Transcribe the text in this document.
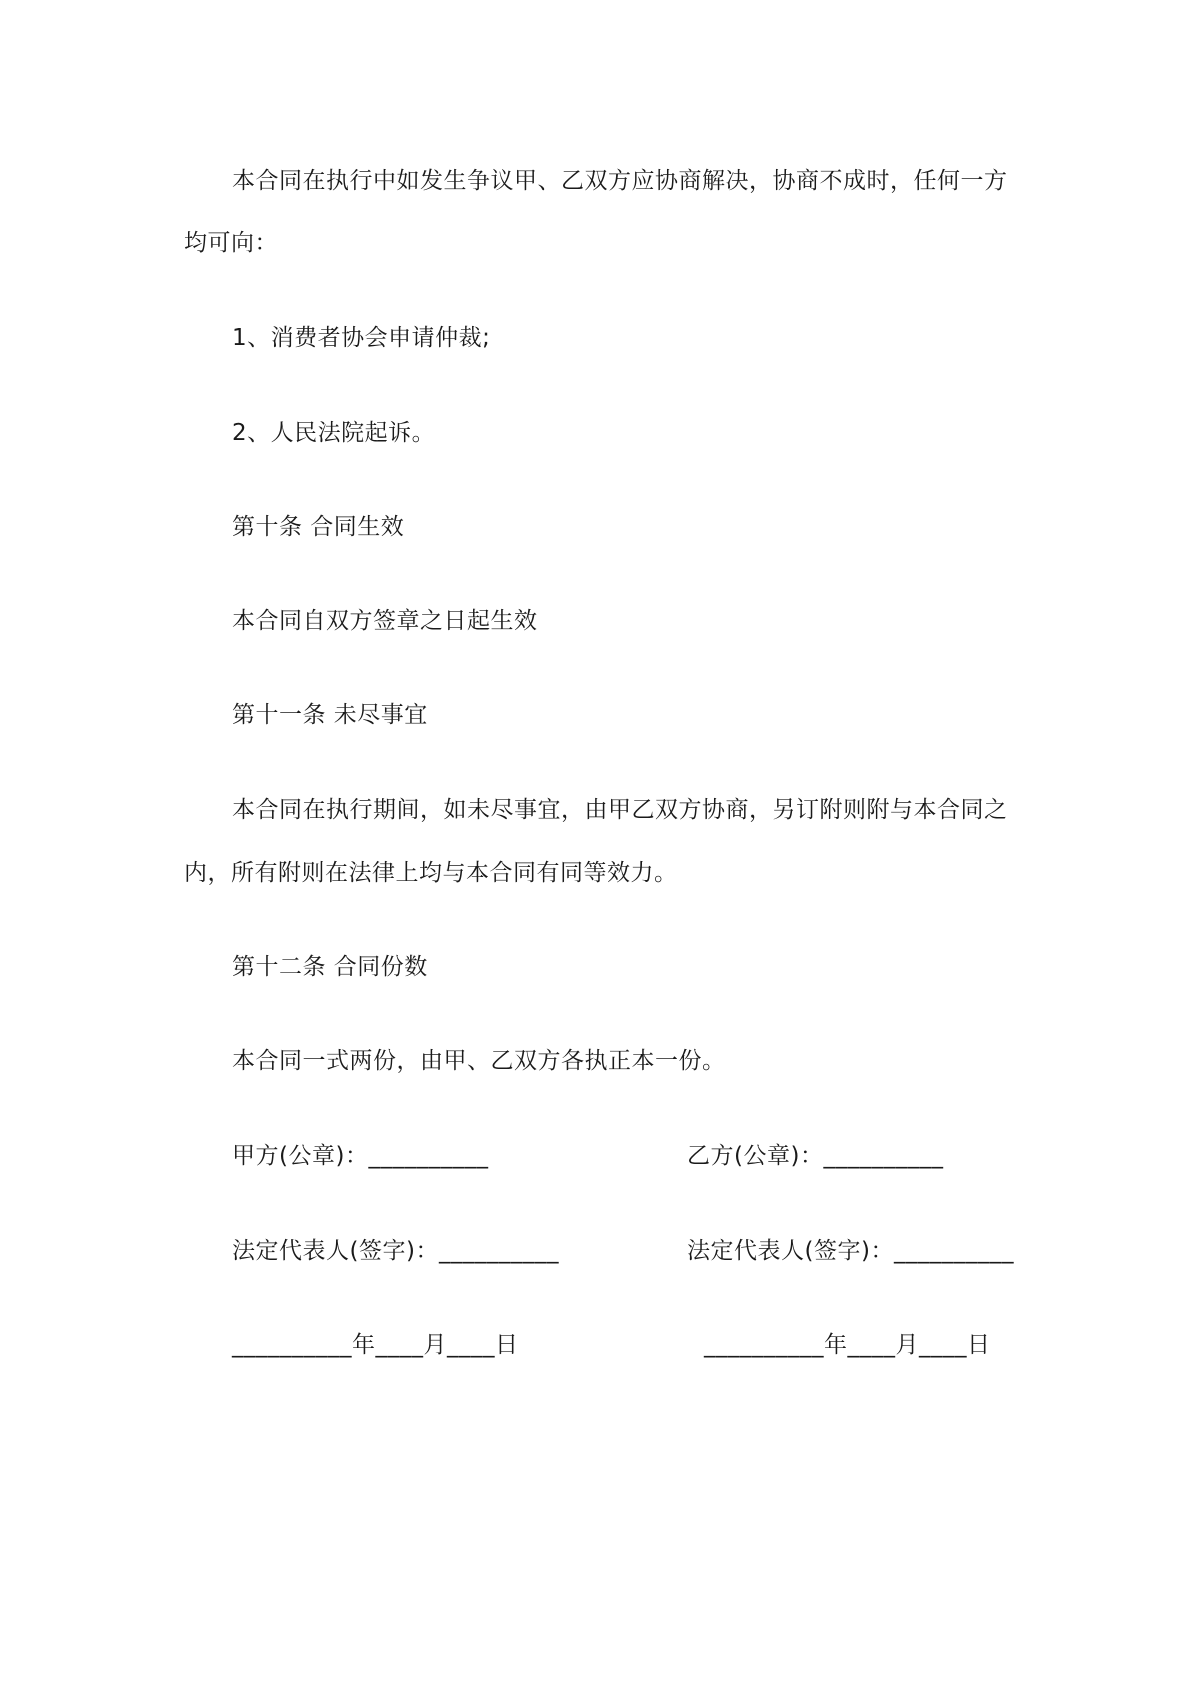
本合同在执行中如发生争议甲、乙双方应协商解决，协商不成时，任何一方
均可向：
1、消费者协会申请仲裁;
2、人民法院起诉。
第十条 合同生效
本合同自双方签章之日起生效
第十一条 未尽事宜
本合同在执行期间，如未尽事宜，由甲乙双方协商，另订附则附与本合同之
内，所有附则在法律上均与本合同有同等效力。
第十二条 合同份数
本合同一式两份，由甲、乙双方各执正本一份。
甲方(公章)：__________	乙方(公章)：__________
法定代表人(签字)：__________	法定代表人(签字)：__________
__________年____月____日	__________年____月____日
